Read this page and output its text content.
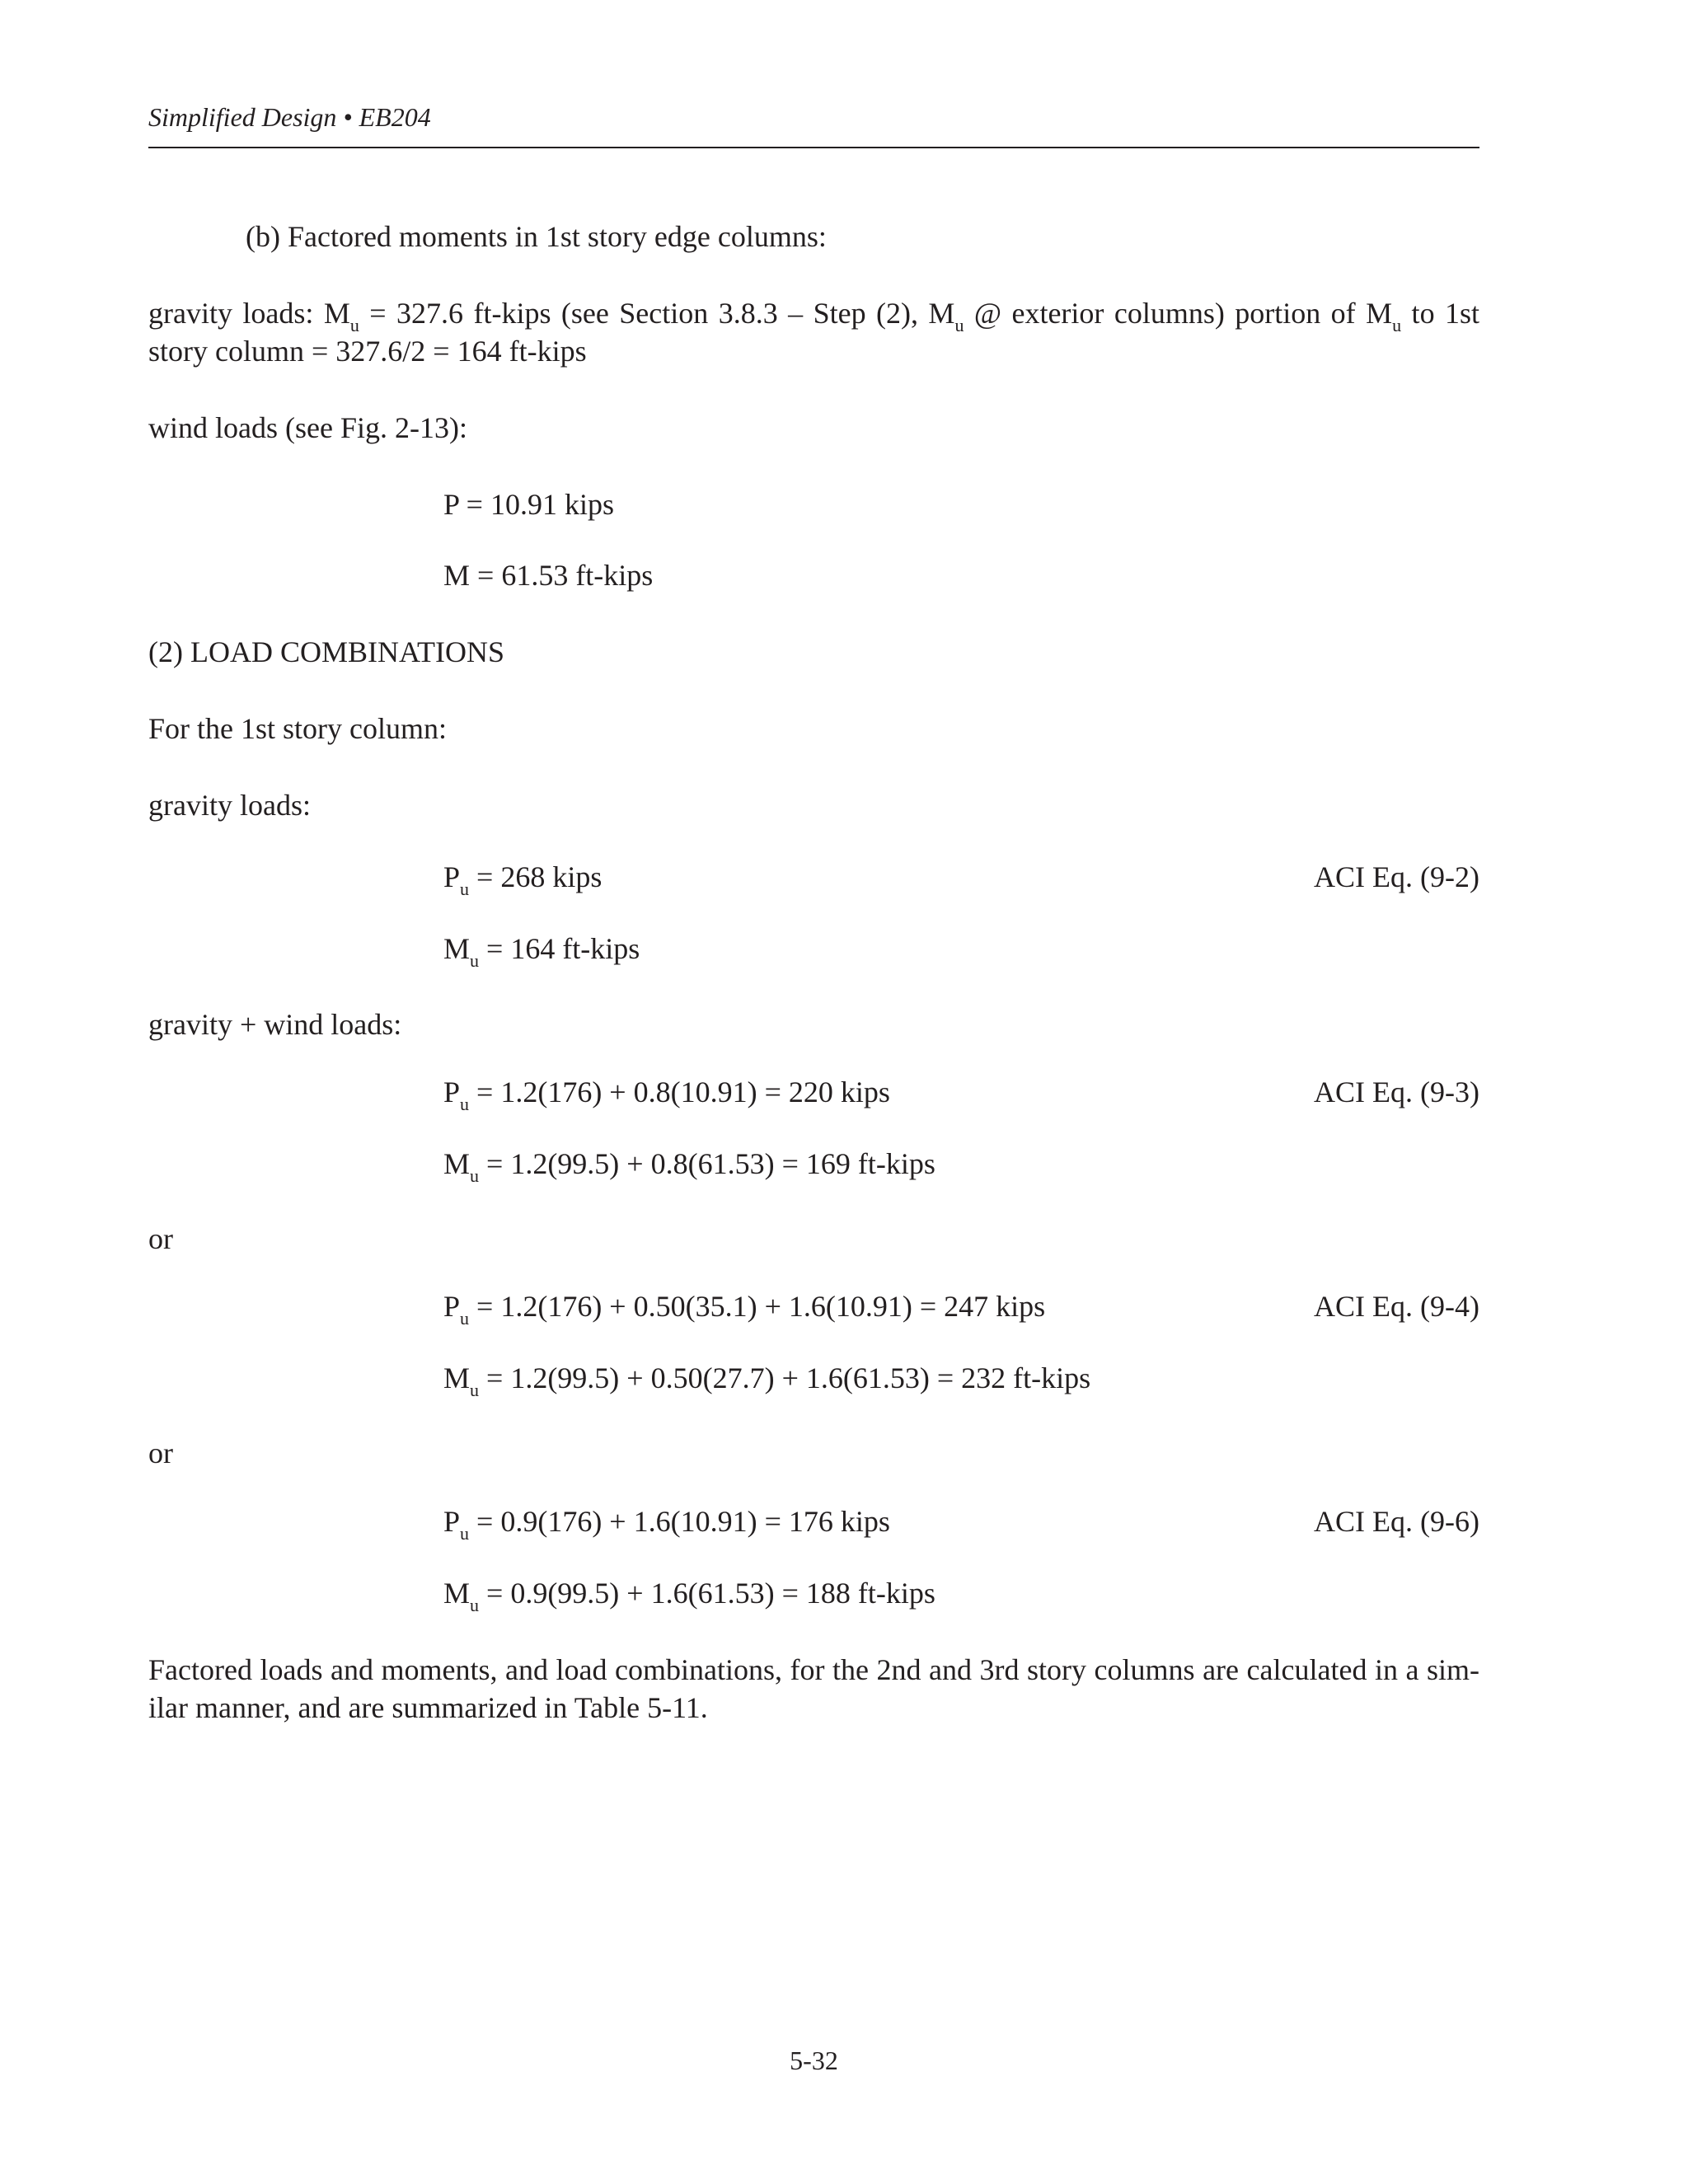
Simplified Design • EB204
(b) Factored moments in 1st story edge columns:
gravity loads: $M_u = 327.6$ ft-kips (see Section 3.8.3 – Step (2), $M_u$ @ exterior columns) portion of $M_u$ to 1st story column = 327.6/2 = 164 ft-kips
wind loads (see Fig. 2-13):
P = 10.91 kips
M = 61.53 ft-kips
(2) LOAD COMBINATIONS
For the 1st story column:
gravity loads:
$P_u = 268$ kips	ACI Eq. (9-2)
$M_u = 164$ ft-kips
gravity + wind loads:
$P_u = 1.2(176) + 0.8(10.91) = 220$ kips	ACI Eq. (9-3)
$M_u = 1.2(99.5) + 0.8(61.53) = 169$ ft-kips
or
$P_u = 1.2(176) + 0.50(35.1) + 1.6(10.91) = 247$ kips	ACI Eq. (9-4)
$M_u = 1.2(99.5) + 0.50(27.7) + 1.6(61.53) = 232$ ft-kips
or
$P_u = 0.9(176) + 1.6(10.91) = 176$ kips	ACI Eq. (9-6)
$M_u = 0.9(99.5) + 1.6(61.53) = 188$ ft-kips
Factored loads and moments, and load combinations, for the 2nd and 3rd story columns are calculated in a sim-ilar manner, and are summarized in Table 5-11.
5-32
